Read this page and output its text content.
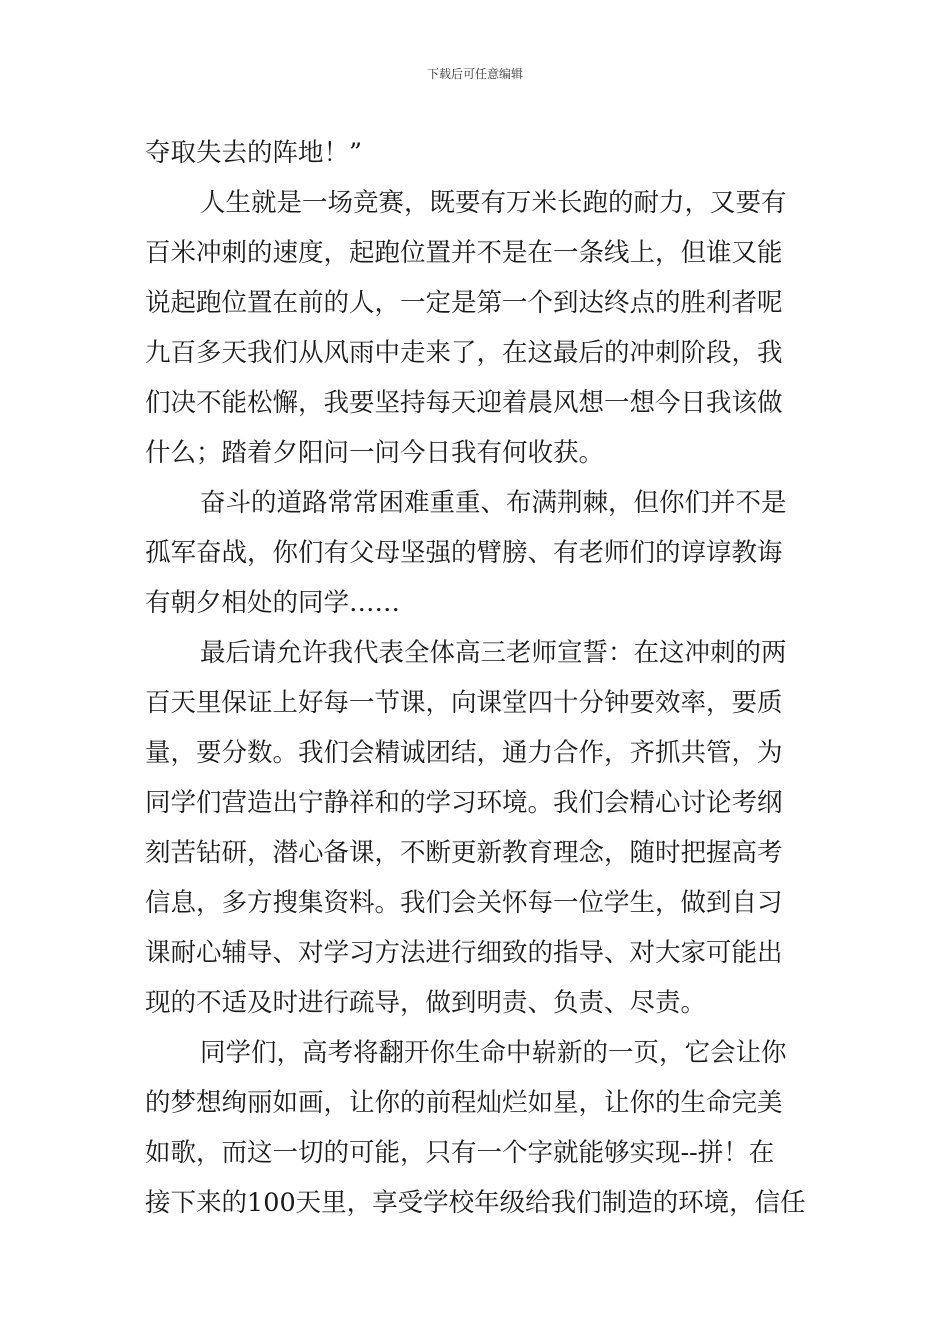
下载后可任意编辑
夺取失去的阵地！”
人生就是一场竞赛，既要有万米长跑的耐力，又要有
百米冲刺的速度，起跑位置并不是在一条线上，但谁又能
说起跑位置在前的人，一定是第一个到达终点的胜利者呢
九百多天我们从风雨中走来了，在这最后的冲刺阶段，我
们决不能松懈，我要坚持每天迎着晨风想一想今日我该做
什么；踏着夕阳问一问今日我有何收获。
奋斗的道路常常困难重重、布满荆棘，但你们并不是
孤军奋战，你们有父母坚强的臂膀、有老师们的谆谆教诲
有朝夕相处的同学……
最后请允许我代表全体高三老师宣誓：在这冲刺的两
百天里保证上好每一节课，向课堂四十分钟要效率，要质
量，要分数。我们会精诚团结，通力合作，齐抓共管，为
同学们营造出宁静祥和的学习环境。我们会精心讨论考纲
刻苦钻研，潜心备课，不断更新教育理念，随时把握高考
信息，多方搜集资料。我们会关怀每一位学生，做到自习
课耐心辅导、对学习方法进行细致的指导、对大家可能出
现的不适及时进行疏导，做到明责、负责、尽责。
同学们，高考将翻开你生命中崭新的一页，它会让你
的梦想绚丽如画，让你的前程灿烂如星，让你的生命完美
如歌，而这一切的可能，只有一个字就能够实现--拼！在
接下来的100天里，享受学校年级给我们制造的环境，信任
